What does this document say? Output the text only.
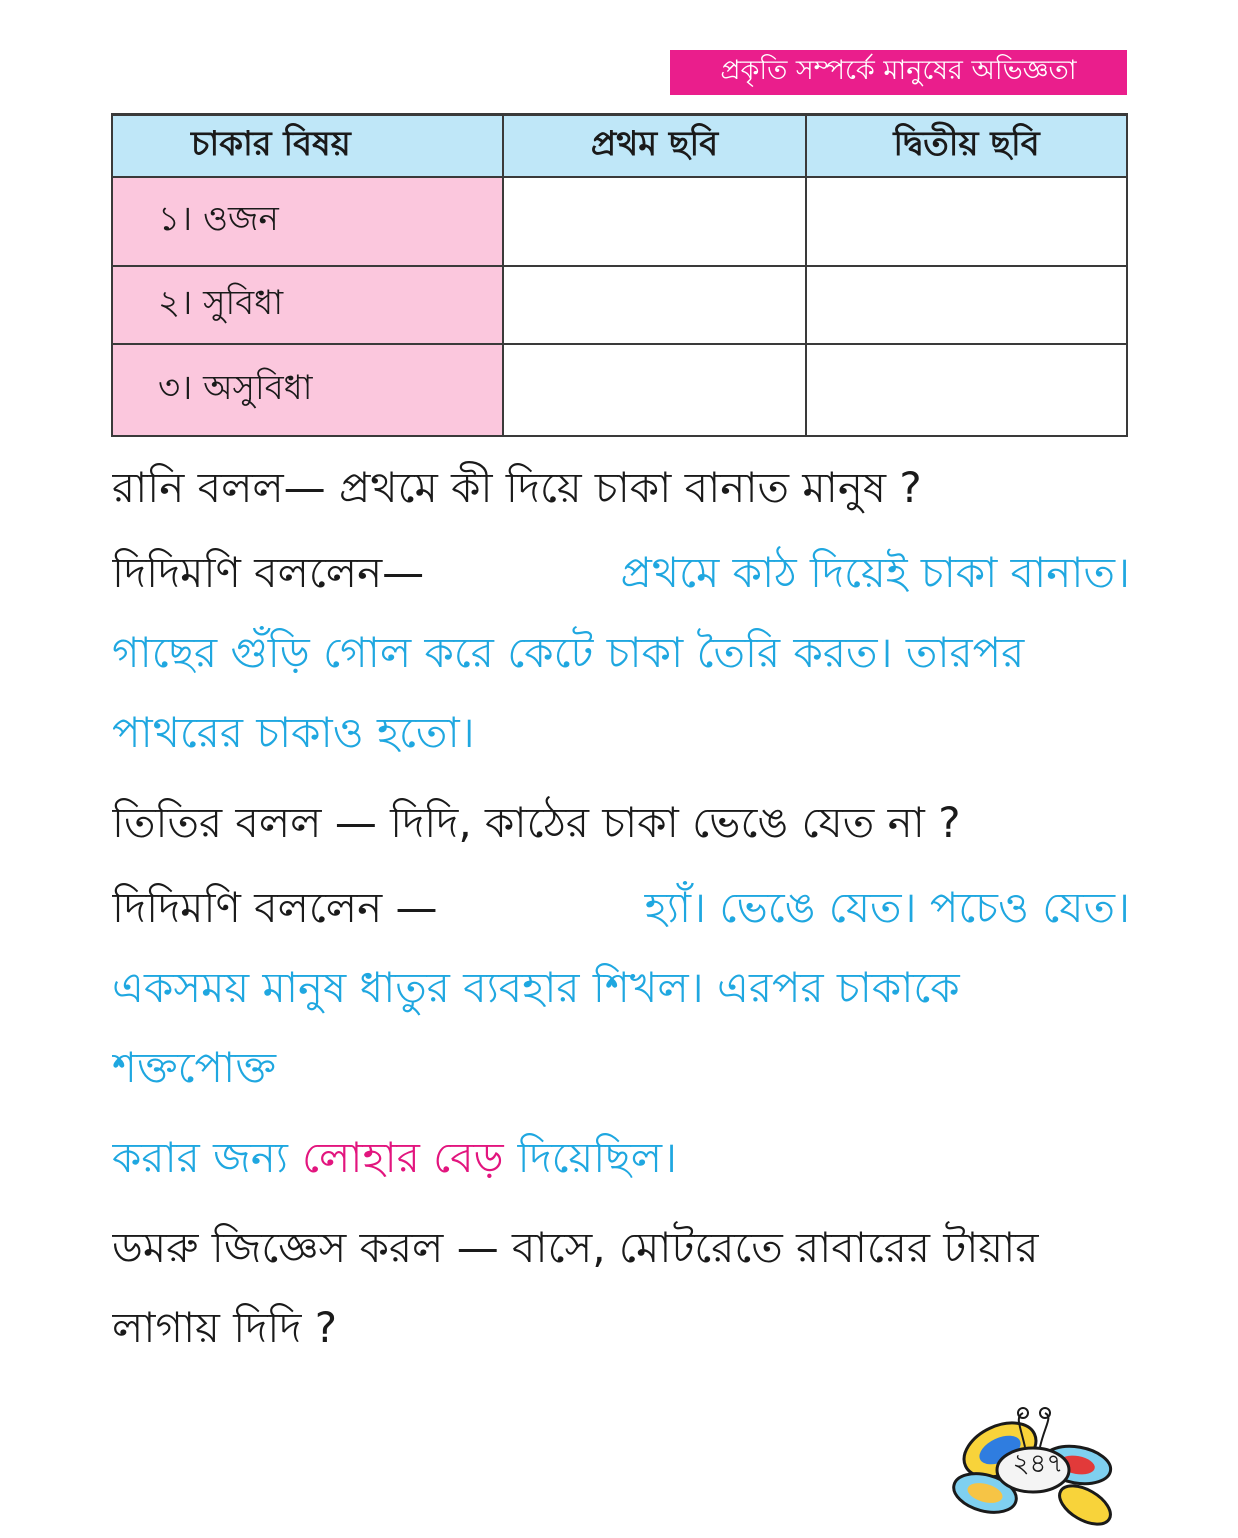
প্রকৃতি সম্পর্কে মানুষের অভিজ্ঞতা
চাকার বিষয়	প্রথম ছবি	দ্বিতীয় ছবি
১। ওজন		
২। সুবিধা		
৩। অসুবিধা		
রানি বলল— প্রথমে কী দিয়ে চাকা বানাত মানুষ ?
দিদিমণি বললেন—	প্রথমে কাঠ দিয়েই চাকা বানাত।
গাছের গুঁড়ি গোল করে কেটে চাকা তৈরি করত। তারপর
পাথরের চাকাও হতো।
তিতির বলল — দিদি, কাঠের চাকা ভেঙে যেত না ?
দিদিমণি বললেন —	হ্যাঁ। ভেঙে যেত। পচেও যেত।
একসময় মানুষ ধাতুর ব্যবহার শিখল। এরপর চাকাকে
শক্তপোক্ত
করার জন্য লোহার বেড় দিয়েছিল।
ডমরু জিজ্ঞেস করল — বাসে, মোটরেতে রাবারের টায়ার
লাগায় দিদি ?
২৪৭
